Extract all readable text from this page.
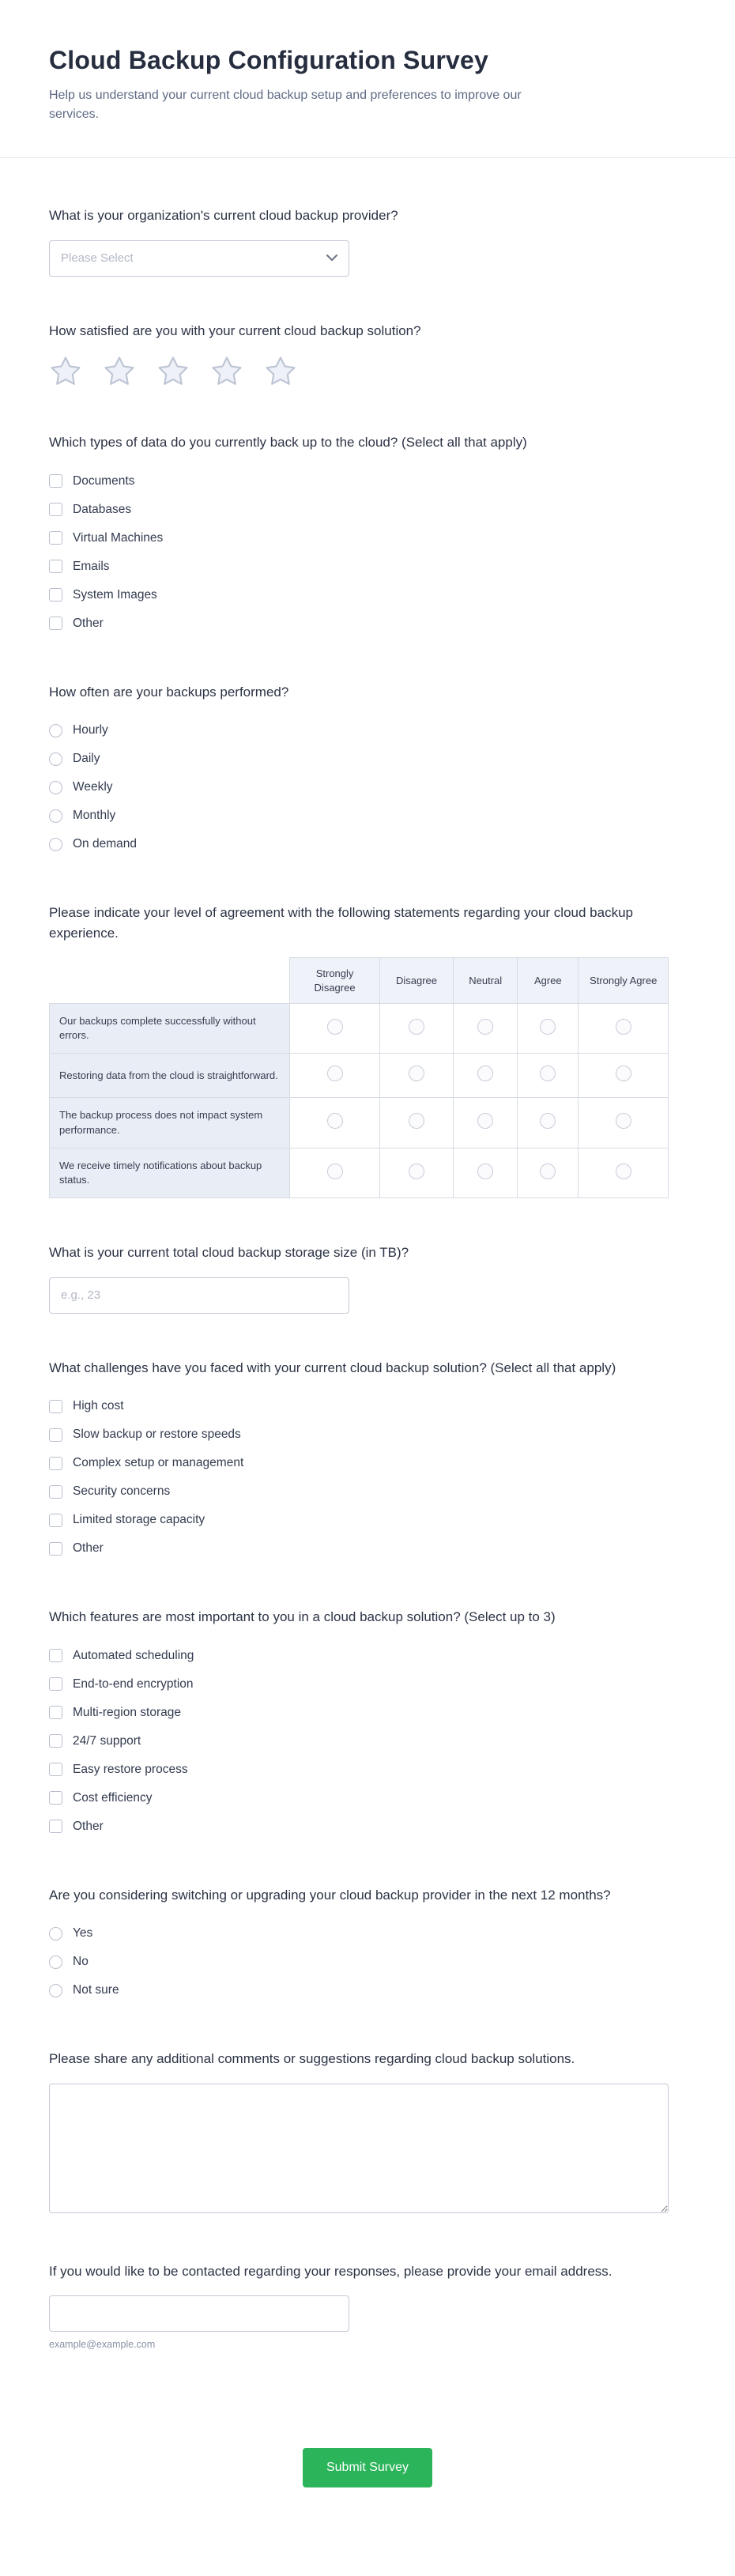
Cloud Backup Configuration Survey
Help us understand your current cloud backup setup and preferences to improve our services.
What is your organization's current cloud backup provider?
Please Select
How satisfied are you with your current cloud backup solution?
Which types of data do you currently back up to the cloud? (Select all that apply)
Documents
Databases
Virtual Machines
Emails
System Images
Other
How often are your backups performed?
Hourly
Daily
Weekly
Monthly
On demand
Please indicate your level of agreement with the following statements regarding your cloud backup experience.
	Strongly Disagree	Disagree	Neutral	Agree	Strongly Agree
Our backups complete successfully without errors.					
Restoring data from the cloud is straightforward.					
The backup process does not impact system performance.					
We receive timely notifications about backup status.					
What is your current total cloud backup storage size (in TB)?
e.g., 23
What challenges have you faced with your current cloud backup solution? (Select all that apply)
High cost
Slow backup or restore speeds
Complex setup or management
Security concerns
Limited storage capacity
Other
Which features are most important to you in a cloud backup solution? (Select up to 3)
Automated scheduling
End-to-end encryption
Multi-region storage
24/7 support
Easy restore process
Cost efficiency
Other
Are you considering switching or upgrading your cloud backup provider in the next 12 months?
Yes
No
Not sure
Please share any additional comments or suggestions regarding cloud backup solutions.
If you would like to be contacted regarding your responses, please provide your email address.
example@example.com
Submit Survey
